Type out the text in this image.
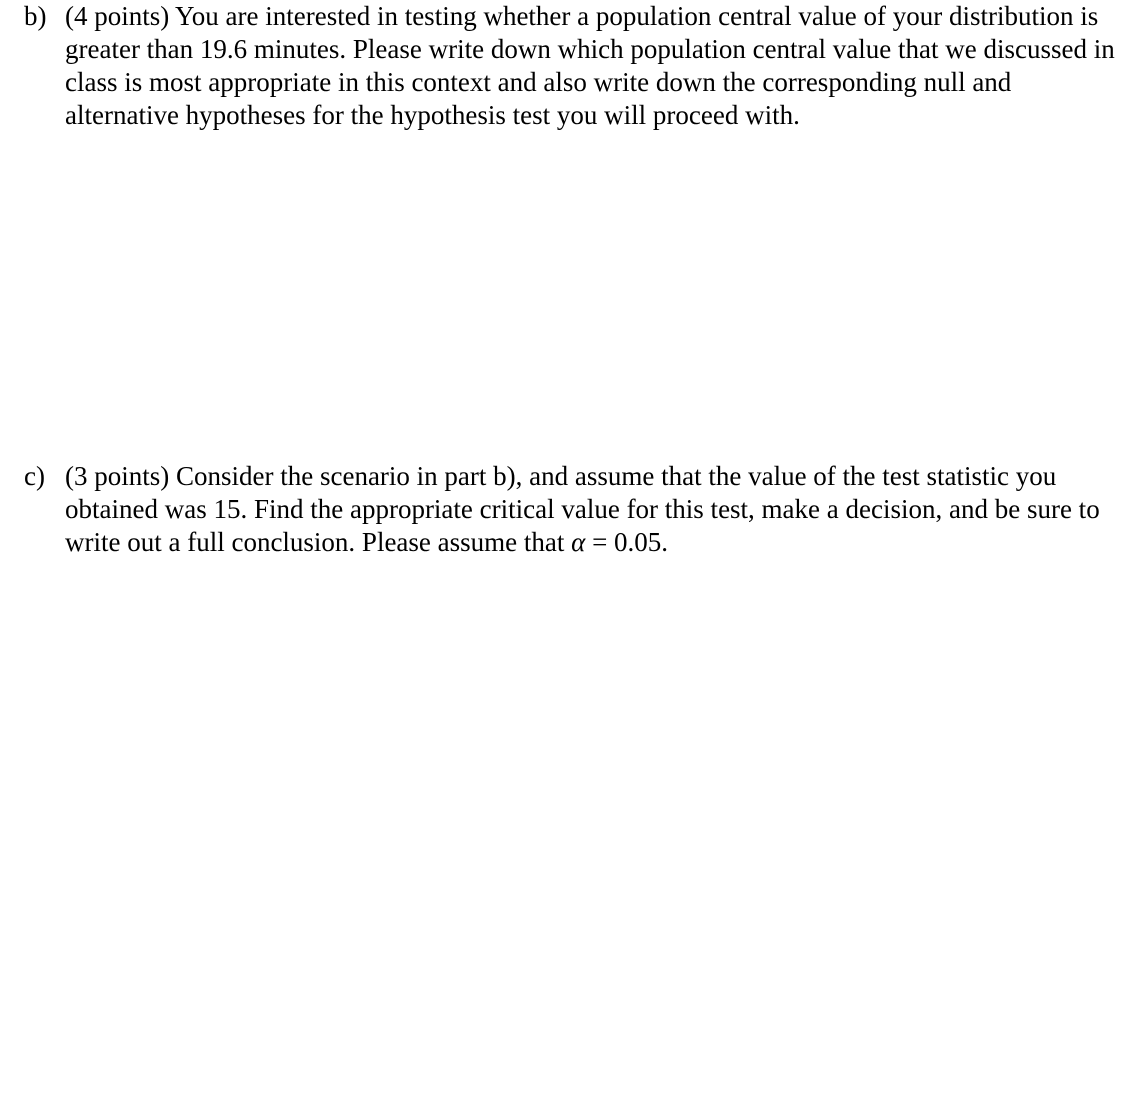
b) (4 points) You are interested in testing whether a population central value of your distribution is greater than 19.6 minutes. Please write down which population central value that we discussed in class is most appropriate in this context and also write down the corresponding null and alternative hypotheses for the hypothesis test you will proceed with.
c) (3 points) Consider the scenario in part b), and assume that the value of the test statistic you obtained was 15. Find the appropriate critical value for this test, make a decision, and be sure to write out a full conclusion. Please assume that α = 0.05.
